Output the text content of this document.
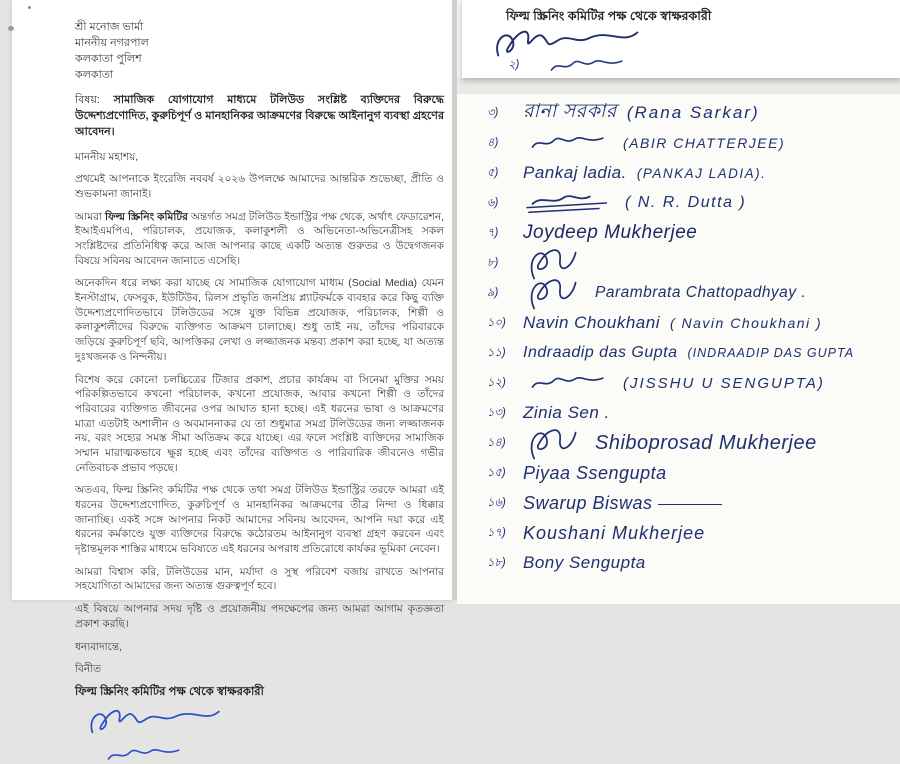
শ্রী মনোজ ভার্মা
মাননীয় নগরপাল
কলকাতা পুলিশ
কলকাতা

বিষয়: সামাজিক যোগাযোগ মাধ্যমে টলিউড সংশ্লিষ্ট ব্যক্তিদের বিরুদ্ধে উদ্দেশ্যপ্রণোদিত, কুরুচিপূর্ণ ও মানহানিকর আক্রমণের বিরুদ্ধে আইনানুগ ব্যবস্থা গ্রহণের আবেদন।

মাননীয় মহাশয়,

প্রথমেই আপনাকে ইংরেজি নববর্ষ ২০২৬ উপলক্ষে আমাদের আন্তরিক শুভেচ্ছা, প্রীতি ও শুভকামনা জানাই।

আমরা ফিল্ম স্ক্রিনিং কমিটির অন্তর্গত সমগ্র টলিউড ইন্ডাস্ট্রির পক্ষ থেকে, অর্থাৎ ফেডারেশন, ইআইএমপিএ, পরিচালক, প্রযোজক, কলাকুশলী ও অভিনেতা-অভিনেত্রীসহ সকল সংশ্লিষ্টদের প্রতিনিধিত্ব করে আজ আপনার কাছে একটি অত্যন্ত গুরুতর ও উদ্বেগজনক বিষয়ে সবিনয় আবেদন জানাতে এসেছি।

অনেকদিন ধরে লক্ষ্য করা যাচ্ছে যে সামাজিক যোগাযোগ মাধ্যম (Social Media) যেমন ইনস্টাগ্রাম, ফেসবুক, ইউটিউব, রিলস প্রভৃতি জনপ্রিয় প্ল্যাটফর্মকে ব্যবহার করে কিছু ব্যক্তি উদ্দেশ্যপ্রণোদিতভাবে টলিউডের সঙ্গে যুক্ত বিভিন্ন প্রযোজক, পরিচালক, শিল্পী ও কলাকুশলীদের বিরুদ্ধে ব্যক্তিগত আক্রমণ চালাচ্ছে। শুধু তাই নয়, তাঁদের পরিবারকে জড়িয়ে কুরুচিপূর্ণ ছবি, আপত্তিকর লেখা ও লজ্জাজনক মন্তব্য প্রকাশ করা হচ্ছে, যা অত্যন্ত দুঃখজনক ও নিন্দনীয়।

বিশেষ করে কোনো চলচ্চিত্রের টিজার প্রকাশ, প্রচার কার্যক্রম বা সিনেমা মুক্তির সময় পরিকল্পিতভাবে কখনো পরিচালক, কখনো প্রযোজক, আবার কখনো শিল্পী ও তাঁদের পরিবারের ব্যক্তিগত জীবনের ওপর আঘাত হানা হচ্ছে। এই ধরনের ভাষা ও আক্রমণের মাত্রা এতটাই অশালীন ও অবমাননাকর যে তা শুধুমাত্র সমগ্র টলিউডের জন্য লজ্জাজনক নয়, বরং সহ্যের সমস্ত সীমা অতিক্রম করে যাচ্ছে। এর ফলে সংশ্লিষ্ট ব্যক্তিদের সামাজিক সম্মান মারাত্মকভাবে ক্ষুণ্ণ হচ্ছে এবং তাঁদের ব্যক্তিগত ও পারিবারিক জীবনেও গভীর নেতিবাচক প্রভাব পড়ছে।

অতএব, ফিল্ম স্ক্রিনিং কমিটির পক্ষ থেকে তথা সমগ্র টলিউড ইন্ডাস্ট্রির তরফে আমরা এই ধরনের উদ্দেশ্যপ্রণোদিত, কুরুচিপূর্ণ ও মানহানিকর আক্রমণের তীব্র নিন্দা ও ধিক্কার জানাচ্ছি। একই সঙ্গে আপনার নিকট আমাদের সবিনয় আবেদন, আপনি দয়া করে এই ধরনের কর্মকাণ্ডে যুক্ত ব্যক্তিদের বিরুদ্ধে কঠোরতম আইনানুগ ব্যবস্থা গ্রহণ করবেন এবং দৃষ্টান্তমূলক শাস্তির মাধ্যমে ভবিষ্যতে এই ধরনের অপরাধ প্রতিরোধে কার্যকর ভূমিকা নেবেন।

আমরা বিশ্বাস করি, টলিউডের মান, মর্যাদা ও সুস্থ পরিবেশ বজায় রাখতে আপনার সহযোগিতা আমাদের জন্য অত্যন্ত গুরুত্বপূর্ণ হবে।

এই বিষয়ে আপনার সদয় দৃষ্টি ও প্রয়োজনীয় পদক্ষেপের জন্য আমরা আগাম কৃতজ্ঞতা প্রকাশ করছি।

ধন্যবাদান্তে,

বিনীত

ফিল্ম স্ক্রিনিং কমিটির পক্ষ থেকে স্বাক্ষরকারী

ফিল্ম স্ক্রিনিং কমিটির পক্ষ থেকে স্বাক্ষরকারী

২)
৩)	রানা সরকার (Rana Sarkar)
৪)	(ABIR CHATTERJEE)
৫)	Pankaj ladia. (PANKAJ LADIA).
৬)	( N. R. Dutta )
৭)	Joydeep Mukherjee
৮)
৯)	Parambrata Chattopadhyay .
১০)	Navin Choukhani ( Navin Choukhani )
১১)	Indraadip das Gupta (INDRAADIP DAS GUPTA
১২)	(JISSHU U SENGUPTA)
১৩)	Zinia Sen .
১৪)	Shiboprosad Mukherjee
১৫) Piyaa Ssengupta
১৬) Swarup Biswas
১৭) Koushani Mukherjee
১৮)	Bony Sengupta
